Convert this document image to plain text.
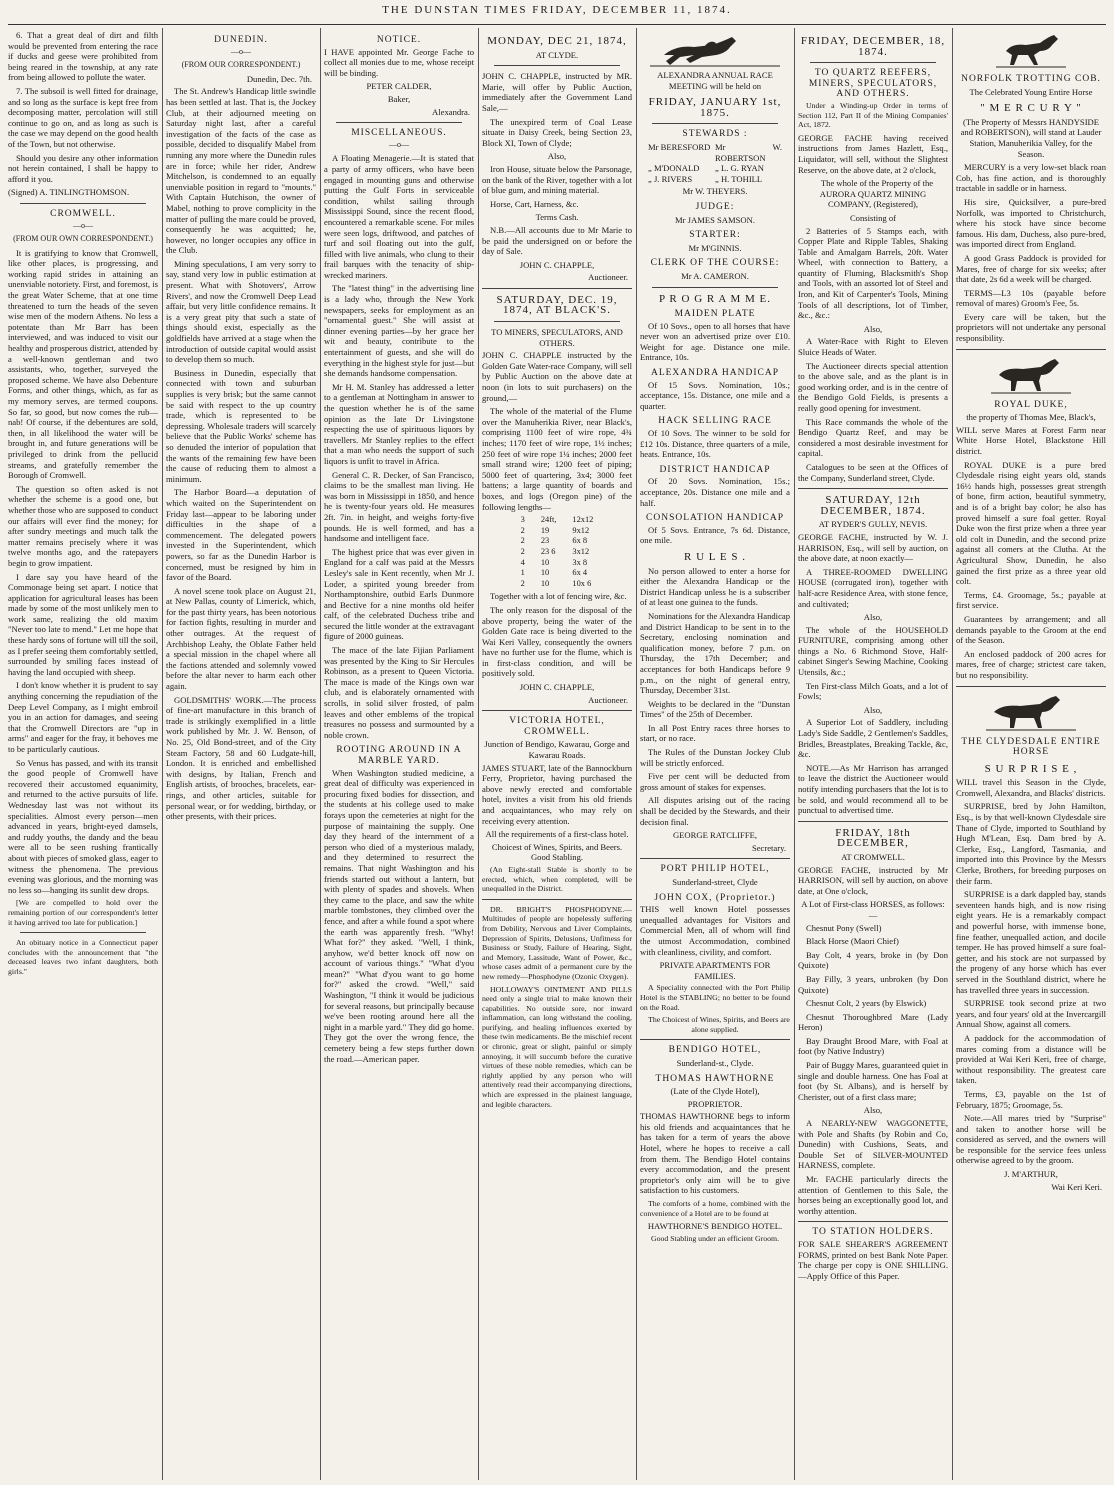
THE DUNSTAN TIMES FRIDAY, DECEMBER 11, 1874.

6. That a great deal of dirt and filth would be prevented from entering the race if ducks and geese were prohibited from being reared in the township, at any rate from being allowed to pollute the water.

7. The subsoil is well fitted for drainage, and so long as the surface is kept free from decomposing matter, percolation will still continue to go on, and as long as such is the case we may depend on the good health of the Town, but not otherwise.

Should you desire any other information not herein contained, I shall be happy to afford it you.

(Signed) A. TINLINGTHOMSON.

CROMWELL.
—o—
(FROM OUR OWN CORRESPONDENT.)

It is gratifying to know that Cromwell, like other places, is progressing, and working rapid strides in attaining an unenviable notoriety. First, and foremost, is the great Water Scheme, that at one time threatened to turn the heads of the seven wise men of the modern Athens. No less a potentate than Mr Barr has been interviewed, and was induced to visit our healthy and prosperous district, attended by a well-known gentleman and two assistants, who, together, surveyed the proposed scheme. We have also Debenture Forms, and other things, which, as far as my memory serves, are termed coupons. So far, so good, but now comes the rub—nab! Of course, if the debentures are sold, then, in all likelihood the water will be brought in, and future generations will be privileged to drink from the pellucid streams, and gratefully remember the Borough of Cromwell.

The question so often asked is not whether the scheme is a good one, but whether those who are supposed to conduct our affairs will ever find the money; for after sundry meetings and much talk the matter remains precisely where it was twelve months ago, and the ratepayers begin to grow impatient.

I dare say you have heard of the Commonage being set apart. I notice that application for agricultural leases has been made by some of the most unlikely men to work same, realizing the old maxim "Never too late to mend." Let me hope that these hardy sons of fortune will till the soil, as I prefer seeing them comfortably settled, surrounded by smiling faces instead of having the land occupied with sheep.

I don't know whether it is prudent to say anything concerning the repudiation of the Deep Level Company, as I might embroil you in an action for damages, and seeing that the Cromwell Directors are "up in arms" and eager for the fray, it behoves me to be particularly cautious.

So Venus has passed, and with its transit the good people of Cromwell have recovered their accustomed equanimity, and returned to the active pursuits of life. Wednesday last was not without its specialities. Almost every person—men advanced in years, bright-eyed damsels, and ruddy youths, the dandy and the beau were all to be seen rushing frantically about with pieces of smoked glass, eager to witness the phenomena. The previous evening was glorious, and the morning was no less so—hanging its sunlit dew drops.

[We are compelled to hold over the remaining portion of our correspondent's letter it having arrived too late for publication.]

An obituary notice in a Connecticut paper concludes with the announcement that "the deceased leaves two infant daughters, both girls."

DUNEDIN.
—o—
(FROM OUR CORRESPONDENT.)
Dunedin, Dec. 7th.

The St. Andrew's Handicap little swindle has been settled at last. That is, the Jockey Club, at their adjourned meeting on Saturday night last, after a careful investigation of the facts of the case as possible, decided to disqualify Mabel from running any more where the Dunedin rules are in force; while her rider, Andrew Mitchelson, is condemned to an equally unenviable position in regard to "mounts." With Captain Hutchison, the owner of Mabel, nothing to prove complicity in the matter of pulling the mare could be proved, consequently he was acquitted; he, however, no longer occupies any office in the Club.

Mining speculations, I am very sorry to say, stand very low in public estimation at present. What with Shotovers', Arrow Rivers', and now the Cromwell Deep Lead affair, but very little confidence remains. It is a very great pity that such a state of things should exist, especially as the goldfields have arrived at a stage when the introduction of outside capital would assist to develop them so much.

Business in Dunedin, especially that connected with town and suburban supplies is very brisk; but the same cannot be said with respect to the up country trade, which is represented to be depressing. Wholesale traders will scarcely believe that the Public Works' scheme has so denuded the interior of population that the wants of the remaining few have been the cause of reducing them to almost a minimum.

The Harbor Board—a deputation of which waited on the Superintendent on Friday last—appear to be laboring under difficulties in the shape of a commencement. The delegated powers invested in the Superintendent, which powers, so far as the Dunedin Harbor is concerned, must be resigned by him in favor of the Board.

A novel scene took place on August 21, at New Pallas, county of Limerick, which, for the past thirty years, has been notorious for faction fights, resulting in murder and other outrages. At the request of Archbishop Leahy, the Oblate Father held a special mission in the chapel where all the factions attended and solemnly vowed before the altar never to harm each other again.

GOLDSMITHS' WORK.—The process of fine-art manufacture in this branch of trade is strikingly exemplified in a little work published by Mr. J. W. Benson, of No. 25, Old Bond-street, and of the City Steam Factory, 58 and 60 Ludgate-hill, London. It is enriched and embellished with designs, by Italian, French and English artists, of brooches, bracelets, ear-rings, and other articles, suitable for personal wear, or for wedding, birthday, or other presents, with their prices.

NOTICE.

I HAVE appointed Mr. George Fache to collect all monies due to me, whose receipt will be binding.

PETER CALDER,
Baker,
Alexandra.
MISCELLANEOUS.
—o—

A Floating Menagerie.—It is stated that a party of army officers, who have been engaged in mounting guns and otherwise putting the Gulf Forts in serviceable condition, whilst sailing through Mississippi Sound, since the recent flood, encountered a remarkable scene. For miles were seen logs, driftwood, and patches of turf and soil floating out into the gulf, filled with live animals, who clung to their frail barques with the tenacity of ship-wrecked mariners.

The "latest thing" in the advertising line is a lady who, through the New York newspapers, seeks for employment as an "ornamental guest." She will assist at dinner evening parties—by her grace her wit and beauty, contribute to the entertainment of guests, and she will do everything in the highest style for just—but she demands handsome compensation.

Mr H. M. Stanley has addressed a letter to a gentleman at Nottingham in answer to the question whether he is of the same opinion as the late Dr Livingstone respecting the use of spirituous liquors by travellers. Mr Stanley replies to the effect that a man who needs the support of such liquors is unfit to travel in Africa.

General C. R. Decker, of San Francisco, claims to be the smallest man living. He was born in Mississippi in 1850, and hence he is twenty-four years old. He measures 2ft. 7in. in height, and weighs forty-five pounds. He is well formed, and has a handsome and intelligent face.

The highest price that was ever given in England for a calf was paid at the Messrs Lesley's sale in Kent recently, when Mr J. Loder, a spirited young breeder from Northamptonshire, outbid Earls Dunmore and Bective for a nine months old heifer calf, of the celebrated Duchess tribe and secured the little wonder at the extravagant figure of 2000 guineas.

The mace of the late Fijian Parliament was presented by the King to Sir Hercules Robinson, as a present to Queen Victoria. The mace is made of the Kings own war club, and is elaborately ornamented with scrolls, in solid silver frosted, of palm leaves and other emblems of the tropical treasures no possess and surmounted by a noble crown.

ROOTING AROUND IN A MARBLE YARD.

When Washington studied medicine, a great deal of difficulty was experienced in procuring fixed bodies for dissection, and the students at his college used to make forays upon the cemeteries at night for the purpose of maintaining the supply. One day they heard of the internment of a person who died of a mysterious malady, and they determined to resurrect the remains. That night Washington and his friends started out without a lantern, but with plenty of spades and shovels. When they came to the place, and saw the white marble tombstones, they climbed over the fence, and after a while found a spot where the earth was apparently fresh. "Why! What for?" they asked. "Well, I think, anyhow, we'd better knock off now on account of various things." "What d'you mean?" "What d'you want to go home for?" asked the crowd. "Well," said Washington, "I think it would be judicious for several reasons, but principally because we've been rooting around here all the night in a marble yard." They did go home. They got the over the wrong fence, the cemetery being a few steps further down the road.—American paper.

MONDAY, DEC 21, 1874,
AT CLYDE.

JOHN C. CHAPPLE, instructed by MR. Marie, will offer by Public Auction, immediately after the Government Land Sale,—

The unexpired term of Coal Lease situate in Daisy Creek, being Section 23, Block XI, Town of Clyde;

Also,

Iron House, situate below the Parsonage, on the bank of the River, together with a lot of blue gum, and mining material.

Horse, Cart, Harness, &c.

Terms Cash.

N.B.—All accounts due to Mr Marie to be paid the undersigned on or before the day of Sale.

JOHN C. CHAPPLE,
Auctioneer.
SATURDAY, DEC. 19, 1874, AT BLACK'S.
TO MINERS, SPECULATORS, AND OTHERS.

JOHN C. CHAPPLE instructed by the Golden Gate Water-race Company, will sell by Public Auction on the above date at noon (in lots to suit purchasers) on the ground,—

The whole of the material of the Flume over the Manuherikia River, near Black's, comprising 1100 feet of wire rope, 4¾ inches; 1170 feet of wire rope, 1½ inches; 250 feet of wire rope 1¼ inches; 2000 feet small strand wire; 1200 feet of piping; 5000 feet of quartering, 3x4; 3000 feet battens; a large quantity of boards and boxes, and logs (Oregon pine) of the following lengths—

3	24ft,	12x12
2	19	9x12
2	23	6x 8
2	23 6	3x12
4	10	3x 8
1	10	6x 4
2	10	10x 6

Together with a lot of fencing wire, &c.

The only reason for the disposal of the above property, being the water of the Golden Gate race is being diverted to the Wai Keri Valley, consequently the owners have no further use for the flume, which is in first-class condition, and will be positively sold.

JOHN C. CHAPPLE,
Auctioneer.
VICTORIA HOTEL, CROMWELL.
Junction of Bendigo, Kawarau, Gorge and Kawarau Roads.

JAMES STUART, late of the Bannockburn Ferry, Proprietor, having purchased the above newly erected and comfortable hotel, invites a visit from his old friends and acquaintances, who may rely on receiving every attention.

All the requirements of a first-class hotel.
Choicest of Wines, Spirits, and Beers. Good Stabling.

(An Eight-stall Stable is shortly to be erected, which, when completed, will be unequalled in the District.

DR. BRIGHT'S PHOSPHODYNE.—Multitudes of people are hopelessly suffering from Debility, Nervous and Liver Complaints, Depression of Spirits, Delusions, Unfitness for Business or Study, Failure of Hearing, Sight, and Memory, Lassitude, Want of Power, &c., whose cases admit of a permanent cure by the new remedy—Phosphodyne (Ozonic Oxygen).

HOLLOWAY'S OINTMENT AND PILLS need only a single trial to make known their capabilities. No outside sore, nor inward inflammation, can long withstand the cooling, purifying, and healing influences exerted by these twin medicaments. Be the mischief recent or chronic, great or slight, painful or simply annoying, it will succumb before the curative virtues of these noble remedies, which can be rightly applied by any person who will attentively read their accompanying directions, which are expressed in the plainest language, and legible characters.

ALEXANDRA ANNUAL RACE MEETING will be held on

FRIDAY, JANUARY 1st, 1875.
STEWARDS :
Mr BERESFORD Mr W. ROBERTSON
„ M'DONALD	„ L. G. RYAN
„ J. RIVERS	„ H. TOHILL
Mr W. THEYERS.
JUDGE:
Mr JAMES SAMSON.
STARTER:
Mr M'GINNIS.
CLERK OF THE COURSE:
Mr A. CAMERON.
P R O G R A M M E.
MAIDEN PLATE

Of 10 Sovs., open to all horses that have never won an advertised prize over £10. Weight for age. Distance one mile. Entrance, 10s.

ALEXANDRA HANDICAP

Of 15 Sovs. Nomination, 10s.; acceptance, 15s. Distance, one mile and a quarter.

HACK SELLING RACE

Of 10 Sovs. The winner to be sold for £12 10s. Distance, three quarters of a mile, heats. Entrance, 10s.

DISTRICT HANDICAP

Of 20 Sovs. Nomination, 15s.; acceptance, 20s. Distance one mile and a half.

CONSOLATION HANDICAP

Of 5 Sovs. Entrance, 7s 6d. Distance, one mile.

R U L E S .

No person allowed to enter a horse for either the Alexandra Handicap or the District Handicap unless he is a subscriber of at least one guinea to the funds.

Nominations for the Alexandra Handicap and District Handicap to be sent in to the Secretary, enclosing nomination and qualification money, before 7 p.m. on Thursday, the 17th December; and acceptances for both Handicaps before 9 p.m., on the night of general entry, Thursday, December 31st.

Weights to be declared in the "Dunstan Times" of the 25th of December.

In all Post Entry races three horses to start, or no race.

The Rules of the Dunstan Jockey Club will be strictly enforced.

Five per cent will be deducted from gross amount of stakes for expenses.

All disputes arising out of the racing shall be decided by the Stewards, and their decision final.

GEORGE RATCLIFFE,
Secretary.
PORT PHILIP HOTEL,
Sunderland-street, Clyde
JOHN COX, (Proprietor.)

THIS well known Hotel possesses unequalled advantages for Visitors and Commercial Men, all of whom will find the utmost Accommodation, combined with cleanliness, civility, and comfort.

PRIVATE APARTMENTS FOR FAMILIES.

A Speciality connected with the Port Philip Hotel is the STABLING; no better to be found on the Road.

The Choicest of Wines, Spirits, and Beers are alone supplied.

BENDIGO HOTEL,
Sunderland-st., Clyde.
THOMAS HAWTHORNE
(Late of the Clyde Hotel),
PROPRIETOR.

THOMAS HAWTHORNE begs to inform his old friends and acquaintances that he has taken for a term of years the above Hotel, where he hopes to receive a call from them. The Bendigo Hotel contains every accommodation, and the present proprietor's only aim will be to give satisfaction to his customers.

The comforts of a home, combined with the convenience of a Hotel are to be found at

HAWTHORNE'S BENDIGO HOTEL.
Good Stabling under an efficient Groom.
FRIDAY, DECEMBER, 18, 1874.
TO QUARTZ REEFERS, MINERS, SPECULATORS, AND OTHERS.

Under a Winding-up Order in terms of Section 112, Part II of the Mining Companies' Act, 1872.

GEORGE FACHE having received instructions from James Hazlett, Esq., Liquidator, will sell, without the Slightest Reserve, on the above date, at 2 o'clock,

The whole of the Property of the AURORA QUARTZ MINING COMPANY, (Registered),

Consisting of

2 Batteries of 5 Stamps each, with Copper Plate and Ripple Tables, Shaking Table and Amalgam Barrels, 20ft. Water Wheel, with connection to Battery, a quantity of Fluming, Blacksmith's Shop and Tools, with an assorted lot of Steel and Iron, and Kit of Carpenter's Tools, Mining Tools of all descriptions, lot of Timber, &c., &c.:

Also,

A Water-Race with Right to Eleven Sluice Heads of Water.

The Auctioneer directs special attention to the above sale, and as the plant is in good working order, and is in the centre of the Bendigo Gold Fields, is presents a really good opening for investment.

This Race commands the whole of the Bendigo Quartz Reef, and may be considered a most desirable investment for capital.

Catalogues to be seen at the Offices of the Company, Sunderland street, Clyde.

SATURDAY, 12th DECEMBER, 1874.
AT RYDER'S GULLY, NEVIS.

GEORGE FACHE, instructed by W. J. HARRISON, Esq., will sell by auction, on the above date, at noon exactly—

A THREE-ROOMED DWELLING HOUSE (corrugated iron), together with half-acre Residence Area, with stone fence, and cultivated;

Also,

The whole of the HOUSEHOLD FURNITURE, comprising among other things a No. 6 Richmond Stove, Half-cabinet Singer's Sewing Machine, Cooking Utensils, &c.;

Ten First-class Milch Goats, and a lot of Fowls;

Also,

A Superior Lot of Saddlery, including Lady's Side Saddle, 2 Gentlemen's Saddles, Bridles, Breastplates, Breaking Tackle, &c, &c.

NOTE.—As Mr Harrison has arranged to leave the district the Auctioneer would notify intending purchasers that the lot is to be sold, and would recommend all to be punctual to advertised time.

FRIDAY, 18th DECEMBER,
AT CROMWELL.

GEORGE FACHE, instructed by Mr HARRISON, will sell by auction, on above date, at One o'clock,

A Lot of First-class HORSES, as follows:—

Chesnut Pony (Swell)

Black Horse (Maori Chief)

Bay Colt, 4 years, broke in (by Don Quixote)

Bay Filly, 3 years, unbroken (by Don Quixote)

Chesnut Colt, 2 years (by Elswick)

Chesnut Thoroughbred Mare (Lady Heron)

Bay Draught Brood Mare, with Foal at foot (by Native Industry)

Pair of Buggy Mares, guaranteed quiet in single and double harness. One has Foal at foot (by St. Albans), and is herself by Cherister, out of a first class mare;

Also,

A NEARLY-NEW WAGGONETTE, with Pole and Shafts (by Robin and Co, Dunedin) with Cushions, Seats, and Double Set of SILVER-MOUNTED HARNESS, complete.

Mr. FACHE particularly directs the attention of Gentlemen to this Sale, the horses being an exceptionally good lot, and worthy attention.

TO STATION HOLDERS.

FOR SALE SHEARER'S AGREEMENT FORMS, printed on best Bank Note Paper. The charge per copy is ONE SHILLING.—Apply Office of this Paper.

NORFOLK TROTTING COB.
The Celebrated Young Entire Horse
" M E R C U R Y "

(The Property of Messrs HANDYSIDE and ROBERTSON), will stand at Lauder Station, Manuherikia Valley, for the Season.

MERCURY is a very low-set black roan Cob, has fine action, and is thoroughly tractable in saddle or in harness.

His sire, Quicksilver, a pure-bred Norfolk, was imported to Christchurch, where his stock have since become famous. His dam, Duchess, also pure-bred, was imported direct from England.

A good Grass Paddock is provided for Mares, free of charge for six weeks; after that date, 2s 6d a week will be charged.

TERMS—L3 10s (payable before removal of mares) Groom's Fee, 5s.

Every care will be taken, but the proprietors will not undertake any personal responsibility.

ROYAL DUKE,
the property of Thomas Mee, Black's,

WILL serve Mares at Forest Farm near White Horse Hotel, Blackstone Hill district.

ROYAL DUKE is a pure bred Clydesdale rising eight years old, stands 16½ hands high, possesses great strength of bone, firm action, beautiful symmetry, and is of a bright bay color; he also has proved himself a sure foal getter. Royal Duke won the first prize when a three year old colt in Dunedin, and the second prize against all comers at the Clutha. At the Agricultural Show, Dunedin, he also gained the first prize as a three year old colt.

Terms, £4. Groomage, 5s.; payable at first service.

Guarantees by arrangement; and all demands payable to the Groom at the end of the Season.

An enclosed paddock of 200 acres for mares, free of charge; strictest care taken, but no responsibility.

THE CLYDESDALE ENTIRE HORSE
S U R P R I S E ,

WILL travel this Season in the Clyde, Cromwell, Alexandra, and Blacks' districts.

SURPRISE, bred by John Hamilton, Esq., is by that well-known Clydesdale sire Thane of Clyde, imported to Southland by Hugh M'Lean, Esq. Dam bred by A. Clerke, Esq., Langford, Tasmania, and imported into this Province by the Messrs Clerke, Brothers, for breeding purposes on their farm.

SURPRISE is a dark dappled bay, stands seventeen hands high, and is now rising eight years. He is a remarkably compact and powerful horse, with immense bone, fine feather, unequalled action, and docile temper. He has proved himself a sure foal-getter, and his stock are not surpassed by the progeny of any horse which has ever served in the Southland district, where he has travelled three years in succession.

SURPRISE took second prize at two years, and four years' old at the Invercargill Annual Show, against all comers.

A paddock for the accommodation of mares coming from a distance will be provided at Wai Keri Keri, free of charge, without responsibility. The greatest care taken.

Terms, £3, payable on the 1st of February, 1875; Groomage, 5s.

Note.—All mares tried by "Surprise" and taken to another horse will be considered as served, and the owners will be responsible for the service fees unless otherwise agreed to by the groom.

J. M'ARTHUR,
Wai Keri Keri.
